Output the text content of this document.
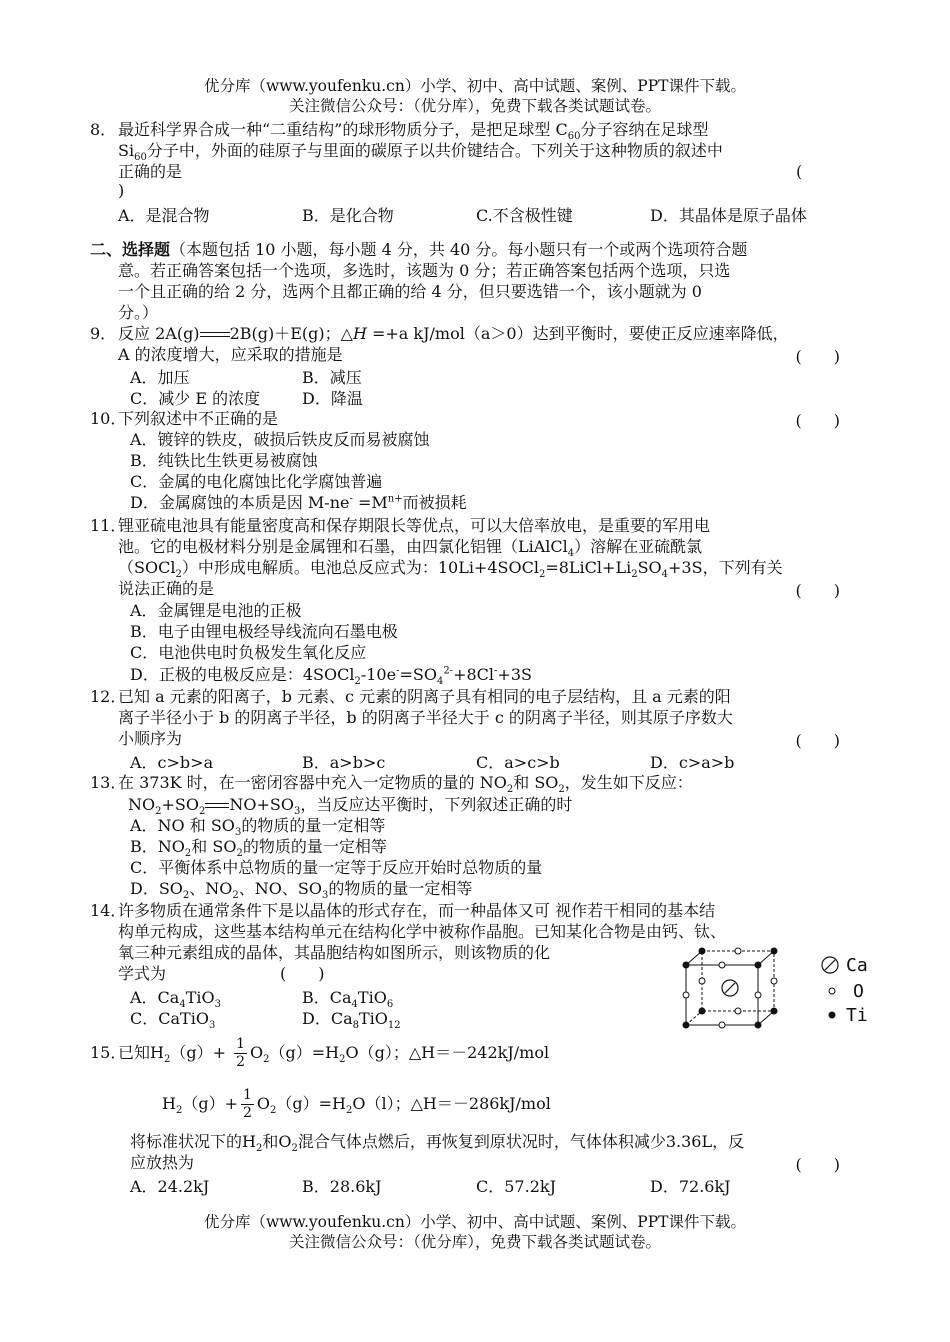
优分库（www.youfenku.cn）小学、初中、高中试题、案例、PPT课件下载。
关注微信公众号：（优分库），免费下载各类试题试卷。
8． 最近科学界合成一种“二重结构”的球形物质分子，是把足球型 $C_{60}$分子容纳在足球型
$Si_{60}$分子中，外面的硅原子与里面的碳原子以共价键结合。下列关于这种物质的叙述中
正确的是	(
)
A．是混合物	B．是化合物	C.不含极性键	D．其晶体是原子晶体
二、选择题（本题包括 10 小题，每小题 4 分，共 40 分。每小题只有一个或两个选项符合题
意。若正确答案包括一个选项，多选时，该题为 0 分；若正确答案包括两个选项，只选
一个且正确的给 2 分，选两个且都正确的给 4 分，但只要选错一个，该小题就为 0
分。）
9． 反应 2A(g) 2B(g)＋E(g)；△H =+a kJ/mol（a＞0）达到平衡时，要使正反应速率降低，
A 的浓度增大，应采取的措施是	(　　)
A．加压	B．减压
C．减少 E 的浓度	D．降温
10．
下列叙述中不正确的是	(　　)
A．镀锌的铁皮，破损后铁皮反而易被腐蚀
B．纯铁比生铁更易被腐蚀
C．金属的电化腐蚀比化学腐蚀普遍
D．金属腐蚀的本质是因 $M-ne^- =M^{n+}$而被损耗
11．
锂亚硫电池具有能量密度高和保存期限长等优点，可以大倍率放电，是重要的军用电
池。它的电极材料分别是金属锂和石墨，由四氯化铝锂（LiAlCl$_4$）溶解在亚硫酰氯
（SOCl$_2$）中形成电解质。电池总反应式为：$10Li+4SOCl_2=8LiCl+Li_2SO_4+3S$，下列有关
说法正确的是	(　　)
A．金属锂是电池的正极
B．电子由锂电极经导线流向石墨电极
C．电池供电时负极发生氧化反应
D．正极的电极反应是：$4SOCl_2-10e^-=SO_4^{2-}+8Cl^-+3S$
12．
已知 a 元素的阳离子，b 元素、c 元素的阴离子具有相同的电子层结构，且 a 元素的阳
离子半径小于 b 的阴离子半径，b 的阴离子半径大于 c 的阴离子半径，则其原子序数大
小顺序为	(　　)
A．c>b>a	B．a>b>c	C．a>c>b	D．c>a>b
13．
在 373K 时，在一密闭容器中充入一定物质的量的 $NO_2$和 $SO_2$，发生如下反应：
$NO_2+SO_2$ $NO+SO_3$，当反应达平衡时，下列叙述正确的时
A．NO 和 $SO_3$的物质的量一定相等
B．$NO_2$和 $SO_2$的物质的量一定相等
C．平衡体系中总物质的量一定等于反应开始时总物质的量
D．$SO_2$、$NO_2$、NO、$SO_3$的物质的量一定相等
14．
许多物质在通常条件下是以晶体的形式存在，而一种晶体又可 视作若干相同的基本结
构单元构成，这些基本结构单元在结构化学中被称作晶胞。已知某化合物是由钙、钛、
氧三种元素组成的晶体，其晶胞结构如图所示，则该物质的化
学式为	(　　)
A．$Ca_4TiO_3$	B．$Ca_4TiO_6$
C．CaTiO$_3$	D．$Ca_8TiO_{12}$
Ca
O
Ti
15．
已知$H_2(g)+ \frac{1}{2} O_2(g)=H_2O(g)$；△H＝－242kJ/mol
$H_2(g)+ \frac{1}{2} O_2(g)=H_2O(l)$；△H＝－286kJ/mol
将标准状况下的$H_2$和$O_2$混合气体点燃后，再恢复到原状况时，气体体积减少3.36L，反
应放热为	(　　)
A．24.2kJ	B．28.6kJ	C．57.2kJ	D．72.6kJ
优分库（www.youfenku.cn）小学、初中、高中试题、案例、PPT课件下载。
关注微信公众号：（优分库），免费下载各类试题试卷。
